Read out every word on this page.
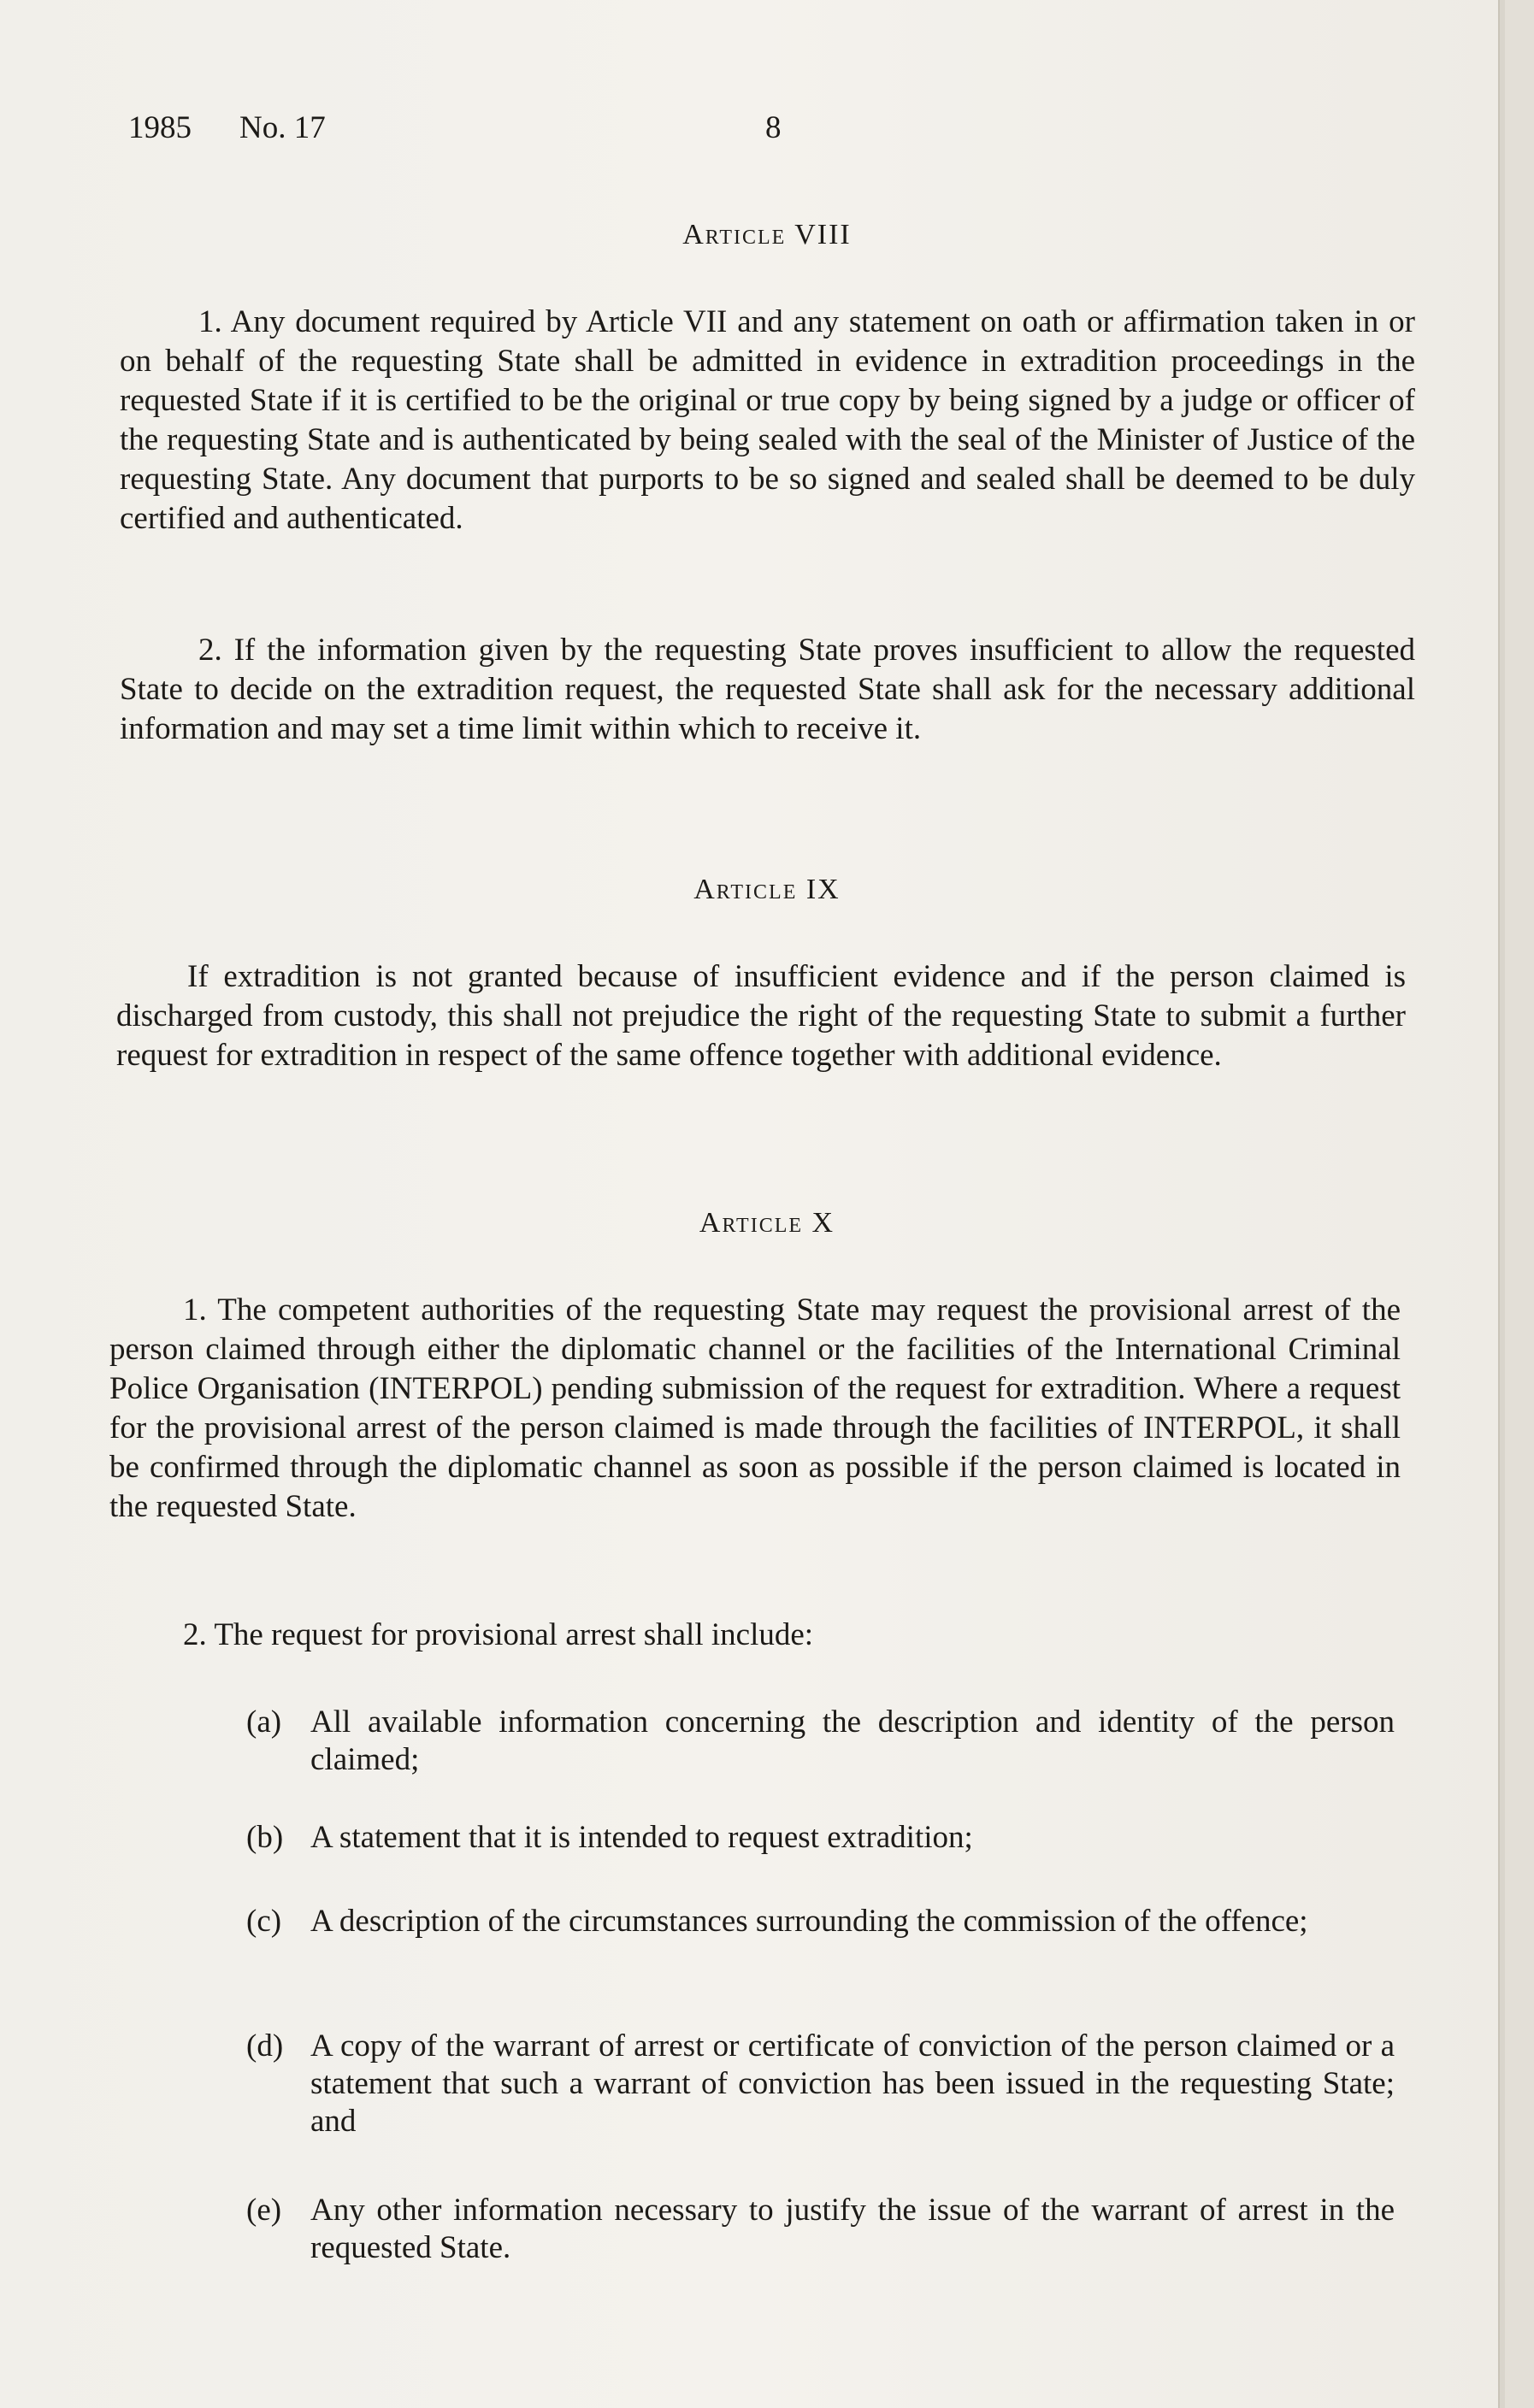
1985 No. 17	8
Article VIII

1. Any document required by Article VII and any statement on oath or affirmation taken in or on behalf of the requesting State shall be admitted in evidence in extradition proceedings in the requested State if it is certified to be the original or true copy by being signed by a judge or officer of the requesting State and is authenticated by being sealed with the seal of the Minister of Justice of the requesting State. Any document that purports to be so signed and sealed shall be deemed to be duly certified and authenticated.

2. If the information given by the requesting State proves insufficient to allow the requested State to decide on the extradition request, the requested State shall ask for the necessary additional information and may set a time limit within which to receive it.

Article IX

If extradition is not granted because of insufficient evidence and if the person claimed is discharged from custody, this shall not prejudice the right of the requesting State to submit a further request for extradition in respect of the same offence together with additional evidence.

Article X

1. The competent authorities of the requesting State may request the provisional arrest of the person claimed through either the diplomatic channel or the facilities of the International Criminal Police Organisation (INTERPOL) pending submission of the request for extradition. Where a request for the provisional arrest of the person claimed is made through the facilities of INTERPOL, it shall be confirmed through the diplomatic channel as soon as possible if the person claimed is located in the requested State.

2. The request for provisional arrest shall include:

(a) All available information concerning the description and identity of the person claimed;
(b) A statement that it is intended to request extradition;
(c) A description of the circumstances surrounding the commission of the offence;
(d) A copy of the warrant of arrest or certificate of conviction of the person claimed or a statement that such a warrant of conviction has been issued in the requesting State; and
(e) Any other information necessary to justify the issue of the warrant of arrest in the requested State.
